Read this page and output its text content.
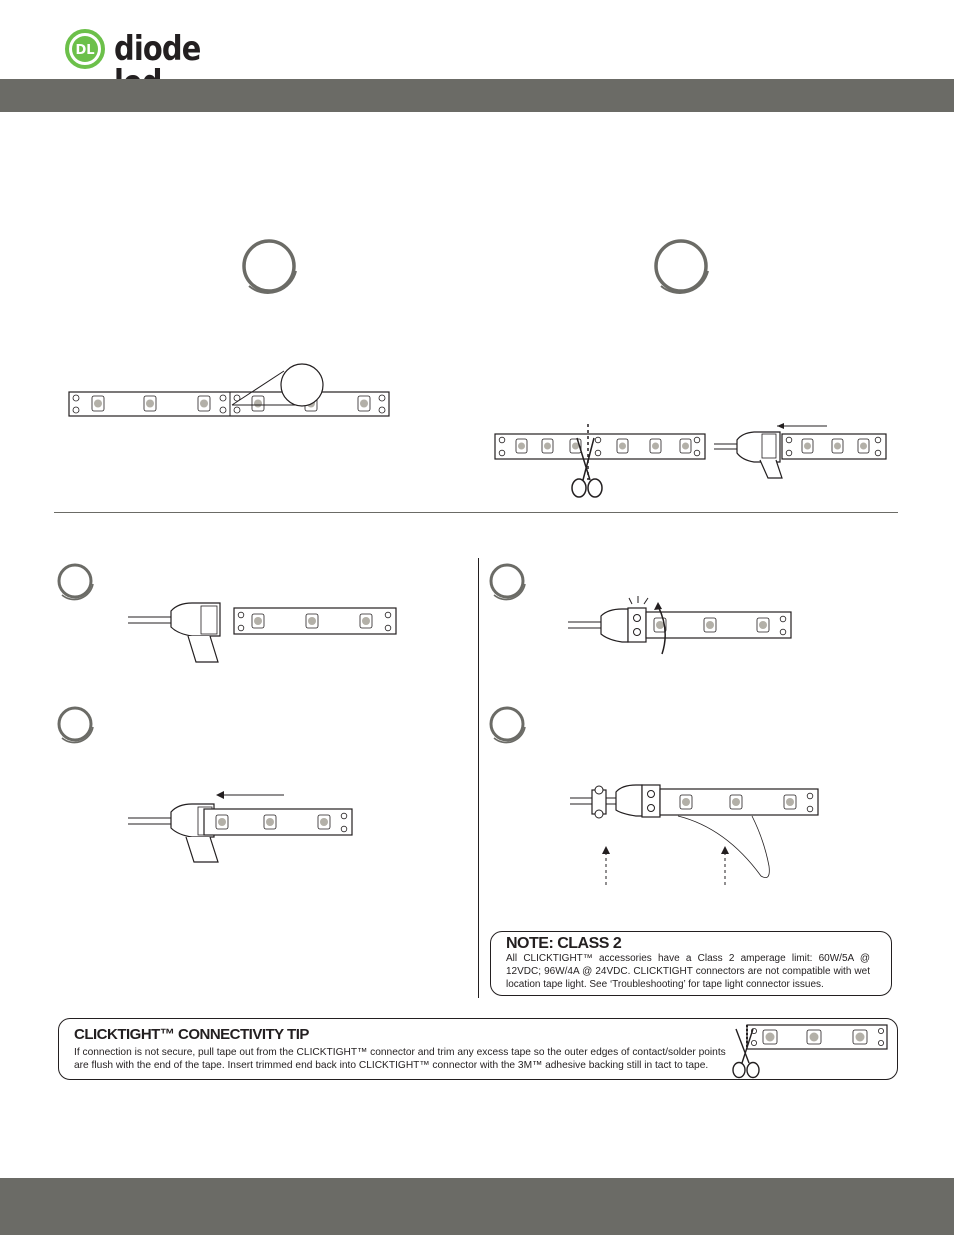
DL diode
NOTE: CLASS 2
All CLICKTIGHT™ accessories have a Class 2 amperage limit: 60W/5A @ 12VDC; 96W/4A @ 24VDC. CLICKTIGHT connectors are not compatible with wet location tape light. See ‘Troubleshooting’ for tape light connector issues.
CLICKTIGHT™ CONNECTIVITY TIP
If connection is not secure, pull tape out from the CLICKTIGHT™ connector and trim any excess tape so the outer edges of contact/solder points are flush with the end of the tape. Insert trimmed end back into CLICKTIGHT™ connector with the 3M™ adhesive backing still in tact to tape.
